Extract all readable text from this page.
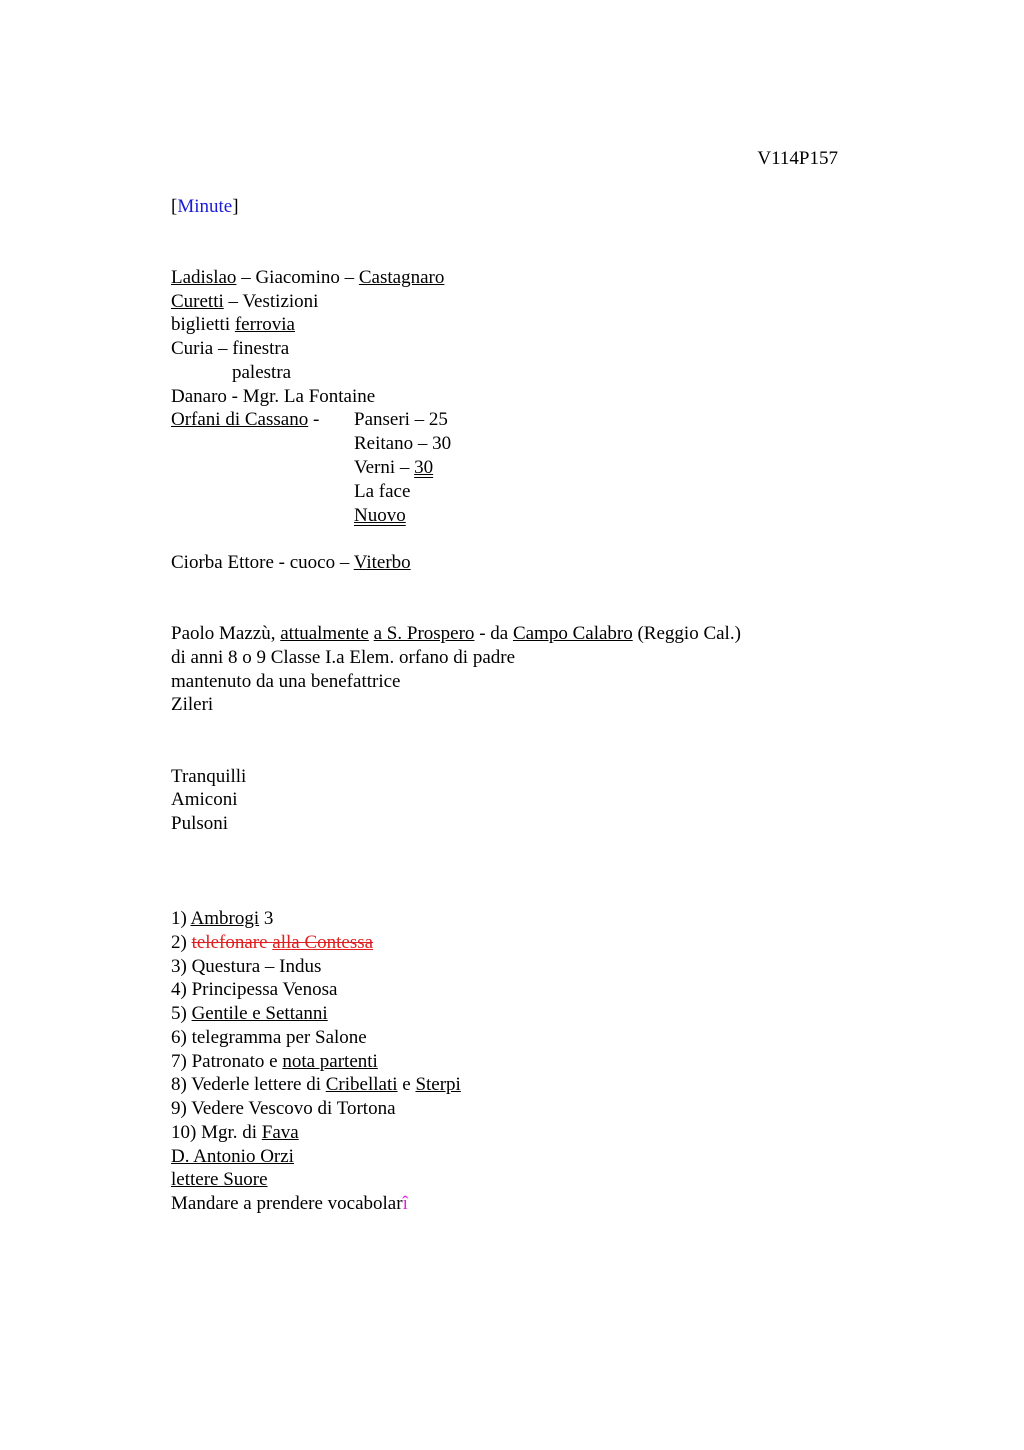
V114P157
[Minute]
Ladislao – Giacomino – Castagnaro
Curetti – Vestizioni
biglietti ferrovia
Curia – finestra
palestra
Danaro - Mgr. La Fontaine
Orfani di Cassano - Panseri – 25
Reitano – 30
Verni – 30
La face
Nuovo
Ciorba Ettore - cuoco – Viterbo
Paolo Mazzù, attualmente a S. Prospero - da Campo Calabro (Reggio Cal.)
di anni 8 o 9 Classe I.a Elem. orfano di padre
mantenuto da una benefattrice
Zileri
Tranquilli
Amiconi
Pulsoni
1) Ambrogi 3
2) telefonare alla Contessa
3) Questura – Indus
4) Principessa Venosa
5) Gentile e Settanni
6) telegramma per Salone
7) Patronato e nota partenti
8) Vederle lettere di Cribellati e Sterpi
9) Vedere Vescovo di Tortona
10) Mgr. di Fava
D. Antonio Orzi
lettere Suore
Mandare a prendere vocabolarî
